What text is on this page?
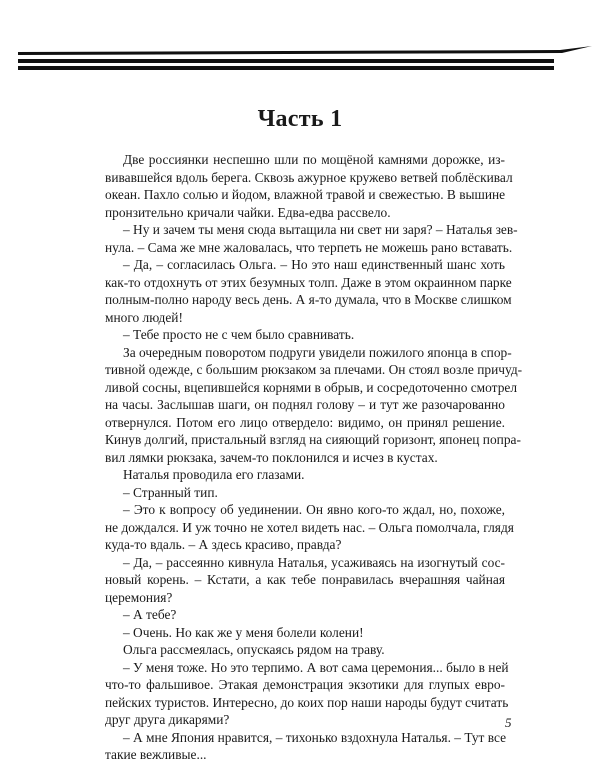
Часть 1
Две россиянки неспешно шли по мощёной камнями дорожке, из-
вивавшейся вдоль берега. Сквозь ажурное кружево ветвей поблёскивал
океан. Пахло солью и йодом, влажной травой и свежестью. В вышине
пронзительно кричали чайки. Едва-едва рассвело.
– Ну и зачем ты меня сюда вытащила ни свет ни заря? – Наталья зев-
нула. – Сама же мне жаловалась, что терпеть не можешь рано вставать.
– Да, – согласилась Ольга. – Но это наш единственный шанс хоть
как-то отдохнуть от этих безумных толп. Даже в этом окраинном парке
полным-полно народу весь день. А я-то думала, что в Москве слишком
много людей!
– Тебе просто не с чем было сравнивать.
За очередным поворотом подруги увидели пожилого японца в спор-
тивной одежде, с большим рюкзаком за плечами. Он стоял возле причуд-
ливой сосны, вцепившейся корнями в обрыв, и сосредоточенно смотрел
на часы. Заслышав шаги, он поднял голову – и тут же разочарованно
отвернулся. Потом его лицо отвердело: видимо, он принял решение.
Кинув долгий, пристальный взгляд на сияющий горизонт, японец попра-
вил лямки рюкзака, зачем-то поклонился и исчез в кустах.
Наталья проводила его глазами.
– Странный тип.
– Это к вопросу об уединении. Он явно кого-то ждал, но, похоже,
не дождался. И уж точно не хотел видеть нас. – Ольга помолчала, глядя
куда-то вдаль. – А здесь красиво, правда?
– Да, – рассеянно кивнула Наталья, усаживаясь на изогнутый сос-
новый корень. – Кстати, а как тебе понравилась вчерашняя чайная
церемония?
– А тебе?
– Очень. Но как же у меня болели колени!
Ольга рассмеялась, опускаясь рядом на траву.
– У меня тоже. Но это терпимо. А вот сама церемония... было в ней
что-то фальшивое. Этакая демонстрация экзотики для глупых евро-
пейских туристов. Интересно, до коих пор наши народы будут считать
друг друга дикарями?
– А мне Япония нравится, – тихонько вздохнула Наталья. – Тут все
такие вежливые...
5
